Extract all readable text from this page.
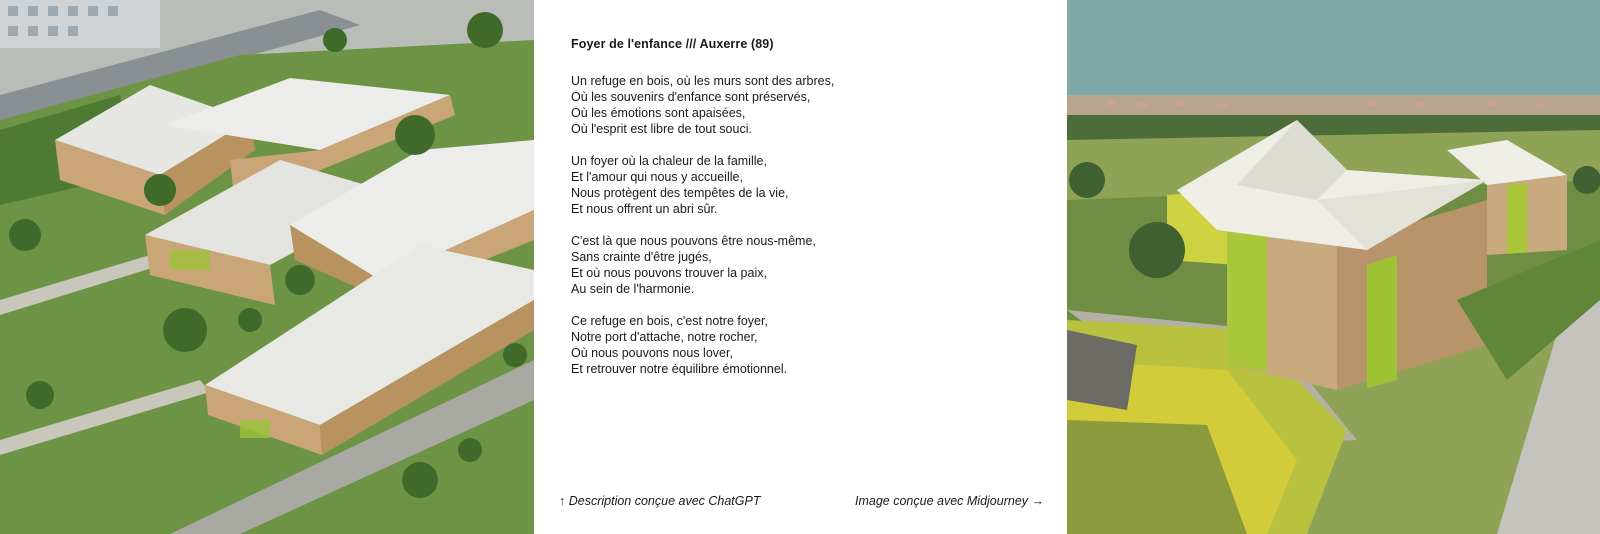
Foyer de l'enfance /// Auxerre (89)
Un refuge en bois, où les murs sont des arbres,
Où les souvenirs d'enfance sont préservés,
Où les émotions sont apaisées,
Où l'esprit est libre de tout souci.
Un foyer où la chaleur de la famille,
Et l'amour qui nous y accueille,
Nous protègent des tempêtes de la vie,
Et nous offrent un abri sûr.
C'est là que nous pouvons être nous-même,
Sans crainte d'être jugés,
Et où nous pouvons trouver la paix,
Au sein de l'harmonie.
Ce refuge en bois, c'est notre foyer,
Notre port d'attache, notre rocher,
Où nous pouvons nous lover,
Et retrouver notre équilibre émotionnel.
↑ Description conçue avec ChatGPT	Image conçue avec Midjourney →
